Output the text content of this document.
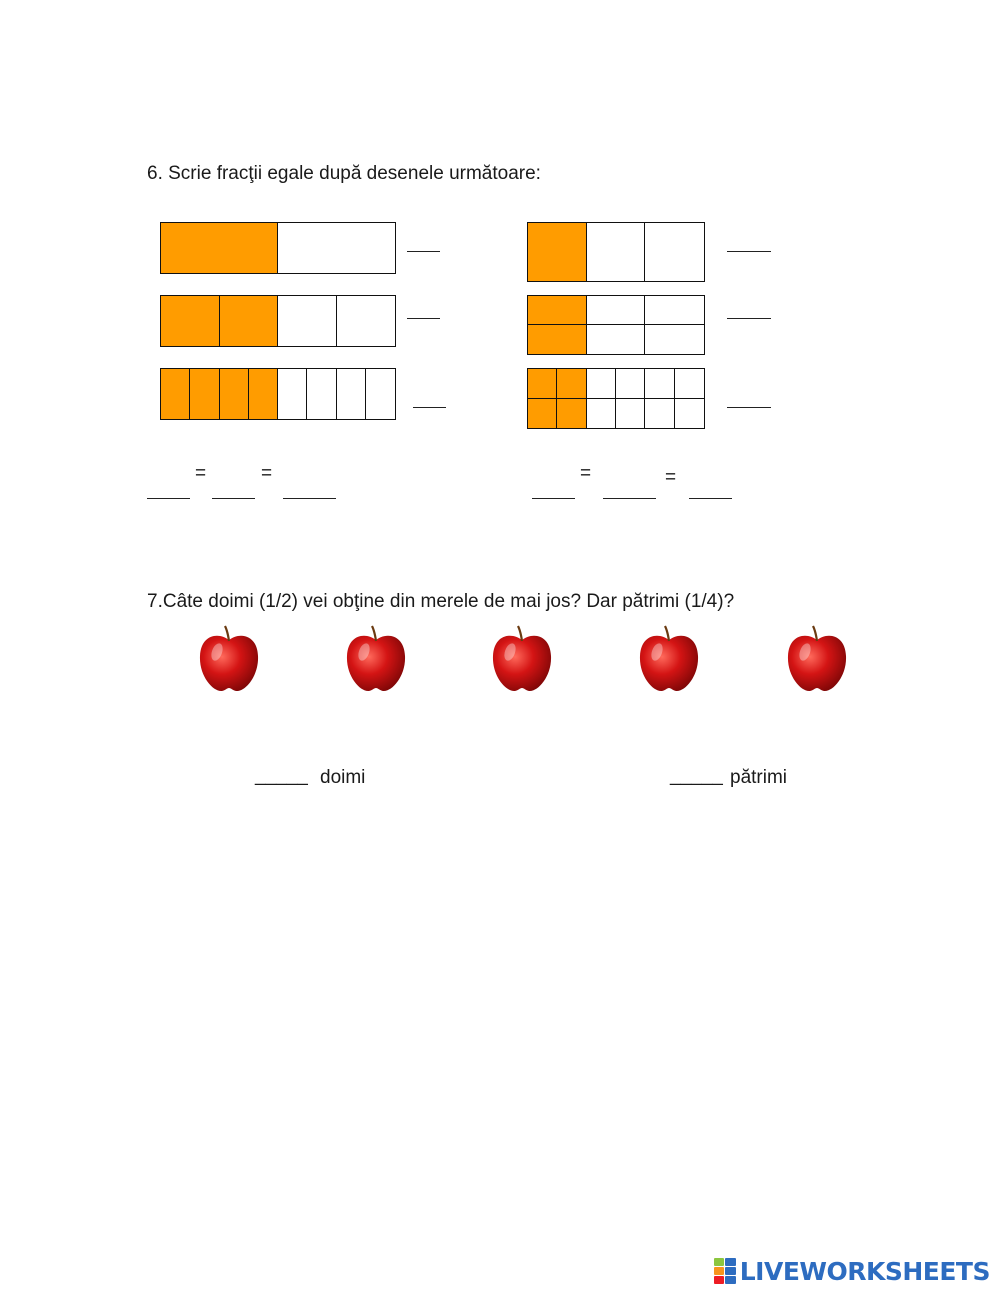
6. Scrie fracţii egale după desenele următoare:
=	=	=	=
7.Câte doimi (1/2) vei obţine din merele de mai jos? Dar pătrimi (1/4)?
_____ doimi	_____ pătrimi
LIVEWORKSHEETS
